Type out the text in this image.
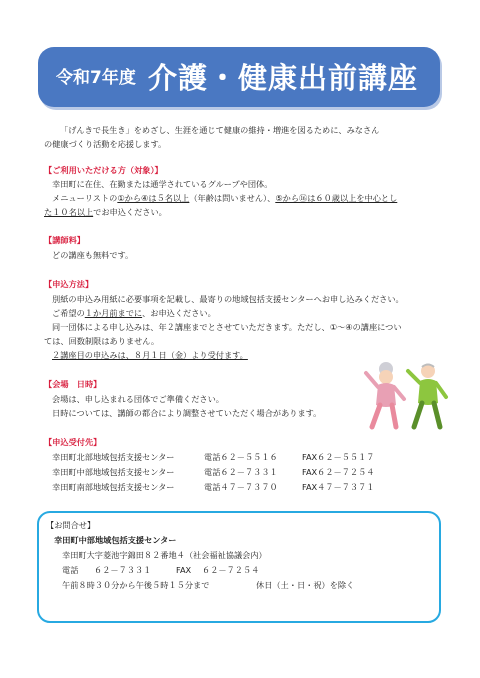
令和7年度 介護・健康出前講座
「げんきで長生き」をめざし、生涯を通じて健康の維持・増進を図るために、みなさん
の健康づくり活動を応援します。
【ご利用いただける方（対象）】
幸田町に在住、在勤または通学されているグループや団体。
メニューリストの①から④は５名以上（年齢は問いません）、⑤から⑯は６０歳以上を中心とし
た１０名以上でお申込ください。
【講師料】
どの講座も無料です。
【申込方法】
別紙の申込み用紙に必要事項を記載し、最寄りの地域包括支援センターへお申し込みください。
ご希望の１か月前までに、お申込ください。
同一団体による申し込みは、年２講座までとさせていただきます。ただし、①～④の講座につい
ては、回数制限はありません。
２講座目の申込みは、８月１日（金）より受付ます。
【会場　日時】
会場は、申し込まれる団体でご準備ください。
日時については、講師の都合により調整させていただく場合があります。
【申込受付先】
幸田町北部地域包括支援センター	電話６２－５５１６	FAX６２－５５１７
幸田町中部地域包括支援センター	電話６２－７３３１	FAX６２－７２５４
幸田町南部地域包括支援センター	電話４７－７３７０	FAX４７－７３７１
【お問合せ】
幸田町中部地域包括支援センター
幸田町大字菱池字錦田８２番地４（社会福祉協議会内）
電話 ６２－７３３１	FAX ６２－７２５４
午前８時３０分から午後５時１５分まで	休日（土・日・祝）を除く
